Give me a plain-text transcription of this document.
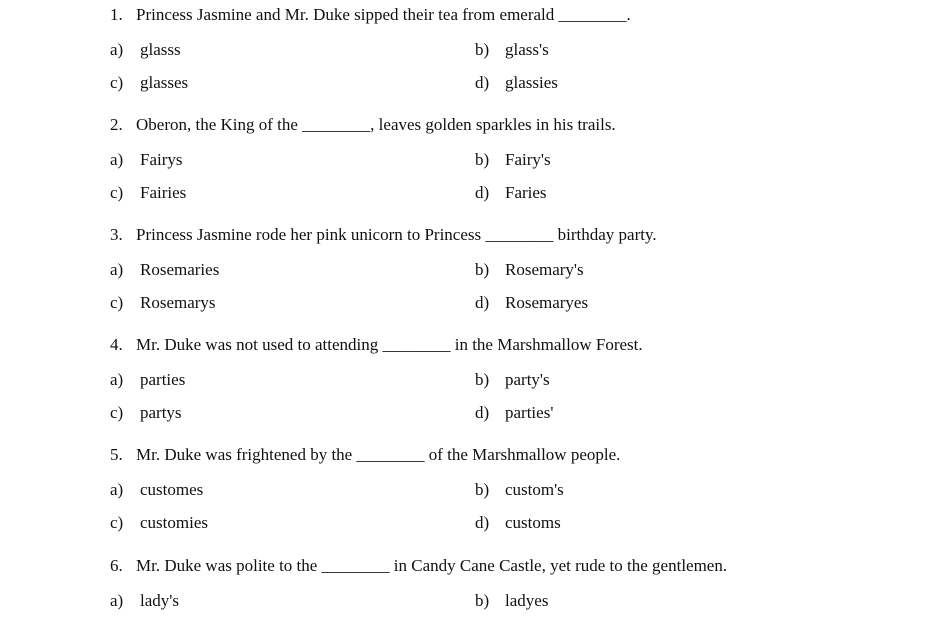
1. Princess Jasmine and Mr. Duke sipped their tea from emerald ________.
a) glasss	b) glass's
c) glasses	d) glassies
2. Oberon, the King of the ________, leaves golden sparkles in his trails.
a) Fairys	b) Fairy's
c) Fairies	d) Faries
3. Princess Jasmine rode her pink unicorn to Princess ________ birthday party.
a) Rosemaries	b) Rosemary's
c) Rosemarys	d) Rosemaryes
4. Mr. Duke was not used to attending ________ in the Marshmallow Forest.
a) parties	b) party's
c) partys	d) parties'
5. Mr. Duke was frightened by the ________ of the Marshmallow people.
a) customes	b) custom's
c) customies	d) customs
6. Mr. Duke was polite to the ________ in Candy Cane Castle, yet rude to the gentlemen.
a) lady's	b) ladyes
